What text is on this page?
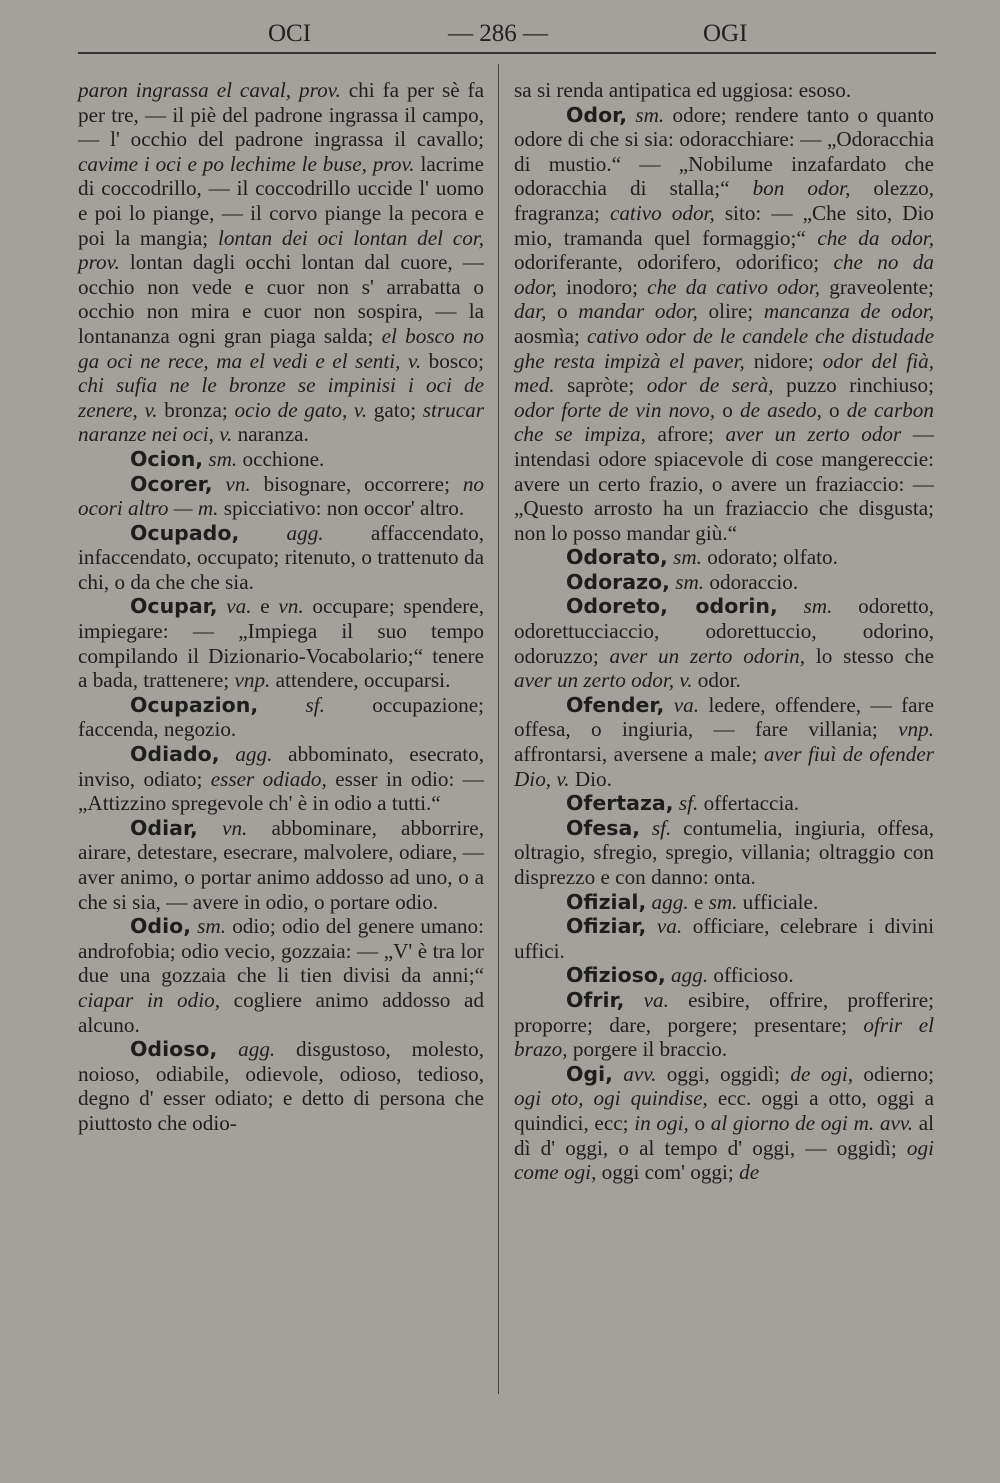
OCI	— 286 —	OGI

paron ingrassa el caval, prov. chi fa per sè fa per tre, — il piè del padrone ingrassa il campo, — l' occhio del padrone ingrassa il cavallo; cavime i oci e po lechime le buse, prov. lacrime di coccodrillo, — il coccodrillo uccide l' uomo e poi lo piange, — il corvo piange la pecora e poi la mangia; lontan dei oci lontan del cor, prov. lontan dagli occhi lontan dal cuore, — occhio non vede e cuor non s' arrabatta o occhio non mira e cuor non sospira, — la lontananza ogni gran piaga salda; el bosco no ga oci ne rece, ma el vedi e el senti, v. bosco; chi sufia ne le bronze se impinisi i oci de zenere, v. bronza; ocio de gato, v. gato; strucar naranze nei oci, v. naranza.

Ocion, sm. occhione.

Ocorer, vn. bisognare, occorrere; no ocori altro — m. spicciativo: non occor' altro.

Ocupado, agg. affaccendato, infaccendato, occupato; ritenuto, o trattenuto da chi, o da che che sia.

Ocupar, va. e vn. occupare; spendere, impiegare: — „Impiega il suo tempo compilando il Dizionario-Vocabolario;“ tenere a bada, trattenere; vnp. attendere, occuparsi.

Ocupazion, sf. occupazione; faccenda, negozio.

Odiado, agg. abbominato, esecrato, inviso, odiato; esser odiado, esser in odio: — „Attizzino spregevole ch' è in odio a tutti.“

Odiar, vn. abbominare, abborrire, airare, detestare, esecrare, malvolere, odiare, — aver animo, o portar animo addosso ad uno, o a che si sia, — avere in odio, o portare odio.

Odio, sm. odio; odio del genere umano: androfobia; odio vecio, gozzaia: — „V' è tra lor due una gozzaia che li tien divisi da anni;“ ciapar in odio, cogliere animo addosso ad alcuno.

Odioso, agg. disgustoso, molesto, noioso, odiabile, odievole, odioso, tedioso, degno d' esser odiato; e detto di persona che piuttosto che odio-

sa si renda antipatica ed uggiosa: esoso.

Odor, sm. odore; rendere tanto o quanto odore di che si sia: odoracchiare: — „Odoracchia di mustio.“ — „Nobilume inzafardato che odoracchia di stalla;“ bon odor, olezzo, fragranza; cativo odor, sito: — „Che sito, Dio mio, tramanda quel formaggio;“ che da odor, odoriferante, odorifero, odorifico; che no da odor, inodoro; che da cativo odor, graveolente; dar, o mandar odor, olire; mancanza de odor, aosmìa; cativo odor de le candele che distudade ghe resta impizà el paver, nidore; odor del fià, med. sapròte; odor de serà, puzzo rinchiuso; odor forte de vin novo, o de asedo, o de carbon che se impiza, afrore; aver un zerto odor — intendasi odore spiacevole di cose mangereccie: avere un certo frazio, o avere un fraziaccio: — „Questo arrosto ha un fraziaccio che disgusta; non lo posso mandar giù.“

Odorato, sm. odorato; olfato.

Odorazo, sm. odoraccio.

Odoreto, odorin, sm. odoretto, odorettucciaccio, odorettuccio, odorino, odoruzzo; aver un zerto odorin, lo stesso che aver un zerto odor, v. odor.

Ofender, va. ledere, offendere, — fare offesa, o ingiuria, — fare villania; vnp. affrontarsi, aversene a male; aver fiuì de ofender Dio, v. Dio.

Ofertaza, sf. offertaccia.

Ofesa, sf. contumelia, ingiuria, offesa, oltragio, sfregio, spregio, villania; oltraggio con disprezzo e con danno: onta.

Ofizial, agg. e sm. ufficiale.

Ofiziar, va. officiare, celebrare i divini uffici.

Ofizioso, agg. officioso.

Ofrir, va. esibire, offrire, profferire; proporre; dare, porgere; presentare; ofrir el brazo, porgere il braccio.

Ogi, avv. oggi, oggidì; de ogi, odierno; ogi oto, ogi quindise, ecc. oggi a otto, oggi a quindici, ecc; in ogi, o al giorno de ogi m. avv. al dì d' oggi, o al tempo d' oggi, — oggidì; ogi come ogi, oggi com' oggi; de
